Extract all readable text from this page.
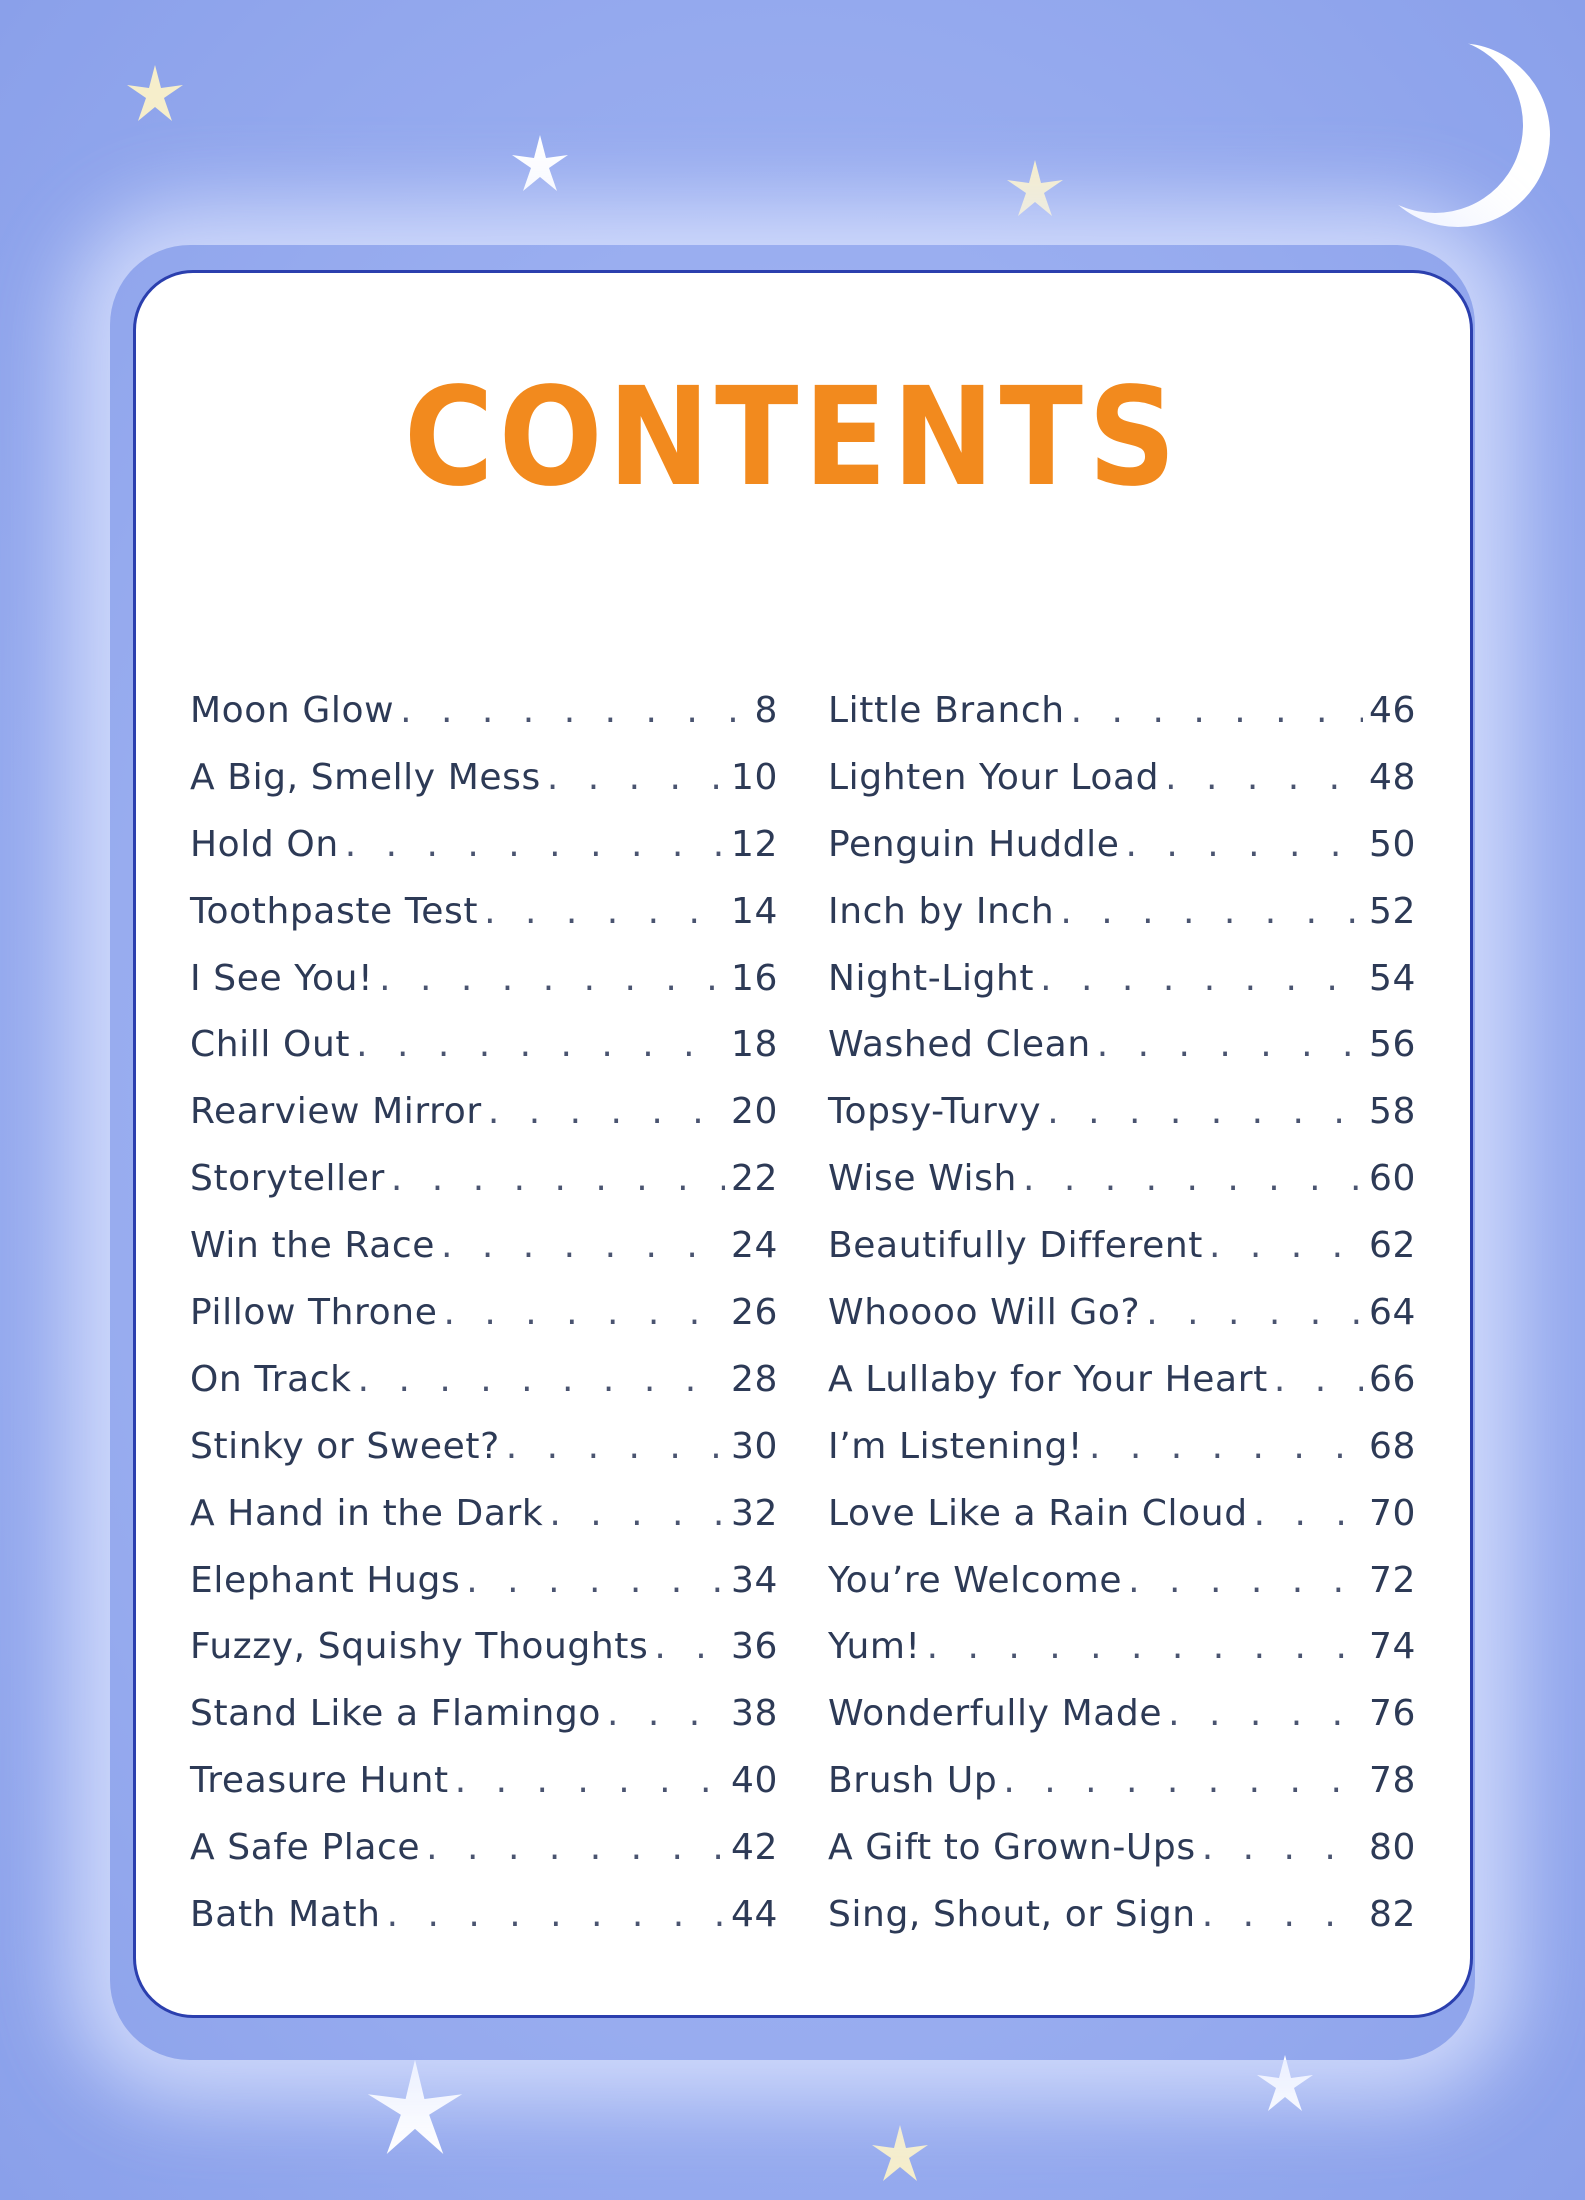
CONTENTS
Moon Glow . . .	8
A Big, Smelly Mess . . .	10
Hold On . . .	12
Toothpaste Test . . .	14
I See You! . . .	16
Chill Out . . .	18
Rearview Mirror . . .	20
Storyteller . . .	22
Win the Race . . .	24
Pillow Throne . . .	26
On Track . . .	28
Stinky or Sweet? . . .	30
A Hand in the Dark . . .	32
Elephant Hugs . . .	34
Fuzzy, Squishy Thoughts . . . 36
Stand Like a Flamingo . . .	38
Treasure Hunt . . .	40
A Safe Place . . .	42
Bath Math . . .	44
Little Branch . . .	46
Lighten Your Load . . .	48
Penguin Huddle . . .	50
Inch by Inch . . .	52
Night-Light . . .	54
Washed Clean . . .	56
Topsy-Turvy . . .	58
Wise Wish . . .	60
Beautifully Different . . .	62
Whoooo Will Go? . . .	64
A Lullaby for Your Heart . . .	66
I’m Listening! . . .	68
Love Like a Rain Cloud . . .	70
You’re Welcome . . .	72
Yum! . . .	74
Wonderfully Made . . .	76
Brush Up . . .	78
A Gift to Grown-Ups . . .	80
Sing, Shout, or Sign . . .	82
